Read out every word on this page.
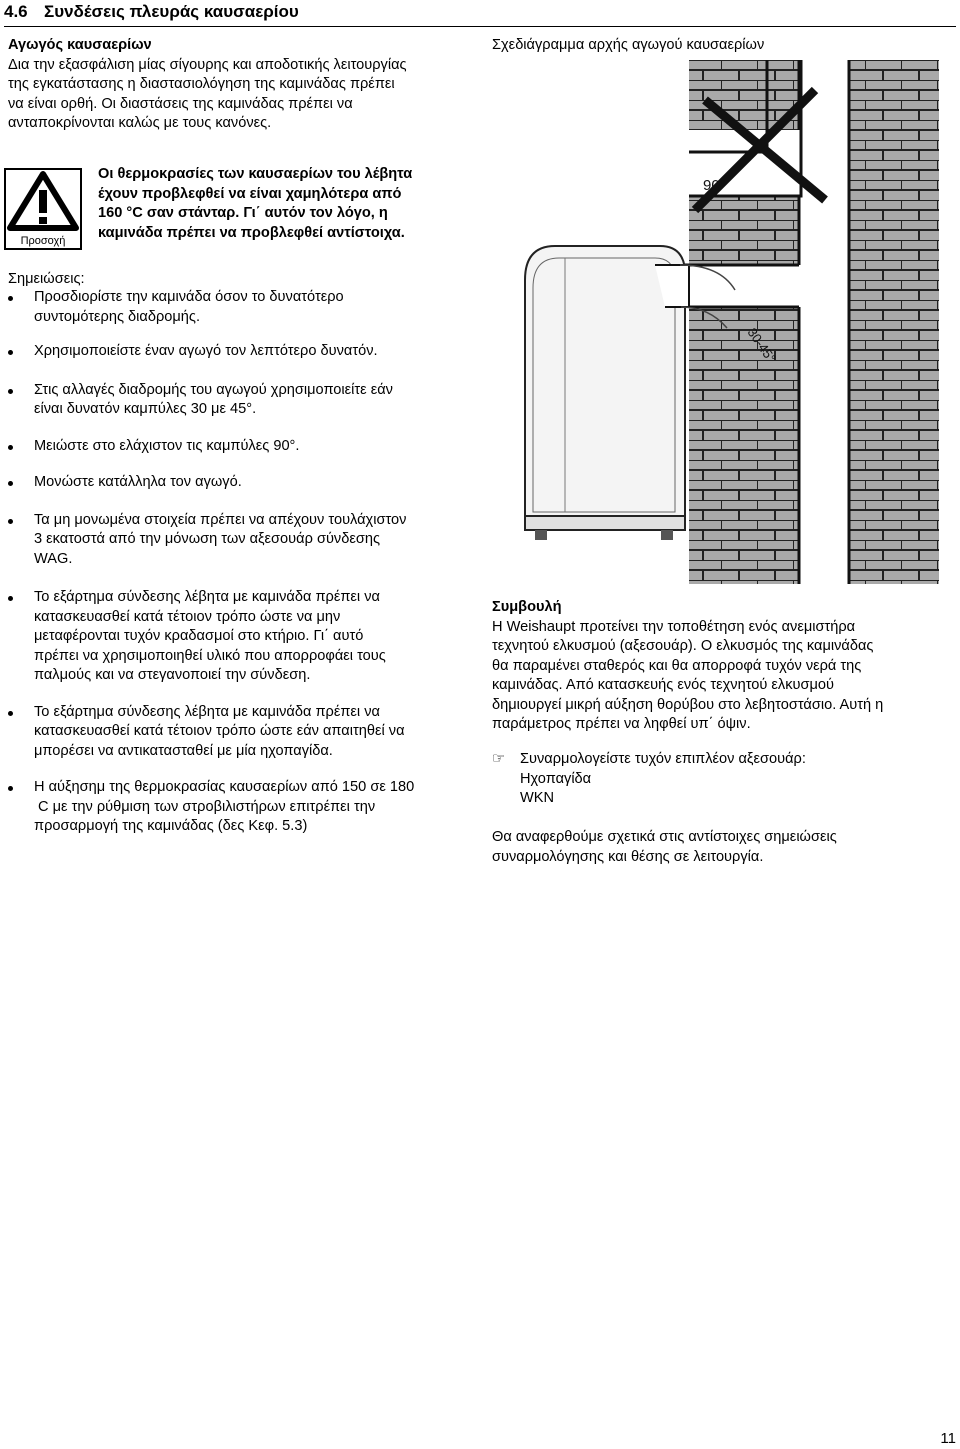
4.6 Συνδέσεις πλευράς καυσαερίου
Αγωγός καυσαερίων
Δια την εξασφάλιση μίας σίγουρης και αποδοτικής λειτουργίας
της εγκατάστασης η διαστασιολόγηση της καμινάδας πρέπει
να είναι ορθή. Οι διαστάσεις της καμινάδας πρέπει να
ανταποκρίνονται καλώς με τους κανόνες.
Προσοχή
Οι θερμοκρασίες των καυσαερίων του λέβητα
έχουν προβλεφθεί να είναι χαμηλότερα από
160 °C σαν στάνταρ. Γι΄ αυτόν τον λόγο, η
καμινάδα πρέπει να προβλεφθεί αντίστοιχα.
Σημειώσεις:
Προσδιορίστε την καμινάδα όσον το δυνατότερο
συντομότερης διαδρομής.
Χρησιμοποιείστε έναν αγωγό τον λεπτότερο δυνατόν.
Στις αλλαγές διαδρομής του αγωγού χρησιμοποιείτε εάν
είναι δυνατόν καμπύλες 30 με 45°.
Μειώστε στο ελάχιστον τις καμπύλες 90°.
Μονώστε κατάλληλα τον αγωγό.
Τα μη μονωμένα στοιχεία πρέπει να απέχουν τουλάχιστον
3 εκατοστά από την μόνωση των αξεσουάρ σύνδεσης
WAG.
Το εξάρτημα σύνδεσης λέβητα με καμινάδα πρέπει να
κατασκευασθεί κατά τέτοιον τρόπο ώστε να μην
μεταφέρονται τυχόν κραδασμοί στο κτήριο. Γι΄ αυτό
πρέπει να χρησιμοποιηθεί υλικό που απορροφάει τους
παλμούς και να στεγανοποιεί την σύνδεση.
Το εξάρτημα σύνδεσης λέβητα με καμινάδα πρέπει να
κατασκευασθεί κατά τέτοιον τρόπο ώστε εάν απαιτηθεί να
μπορέσει να αντικατασταθεί με μία ηχοπαγίδα.
Η αύξησημ της θερμοκρασίας καυσαερίων από 150 σε 180
C με την ρύθμιση των στροβιλιστήρων επιτρέπει την
προσαρμογή της καμινάδας (δες Κεφ. 5.3)
Σχεδιάγραμμα αρχής αγωγού καυσαερίων
90°
30-45°
Συμβουλή
H Weishaupt προτείνει την τοποθέτηση ενός ανεμιστήρα
τεχνητού ελκυσμού (αξεσουάρ). Ο ελκυσμός της καμινάδας
θα παραμένει σταθερός και θα απορροφά τυχόν νερά της
καμινάδας. Από κατασκευής ενός τεχνητού ελκυσμού
δημιουργεί μικρή αύξηση θορύβου στο λεβητοστάσιο. Αυτή η
παράμετρος πρέπει να ληφθεί υπ΄ όψιν.
☞	Συναρμολογείστε τυχόν επιπλέον αξεσουάρ:
Ηχοπαγίδα
WKN
Θα αναφερθούμε σχετικά στις αντίστοιχες σημειώσεις
συναρμολόγησης και θέσης σε λειτουργία.
11
